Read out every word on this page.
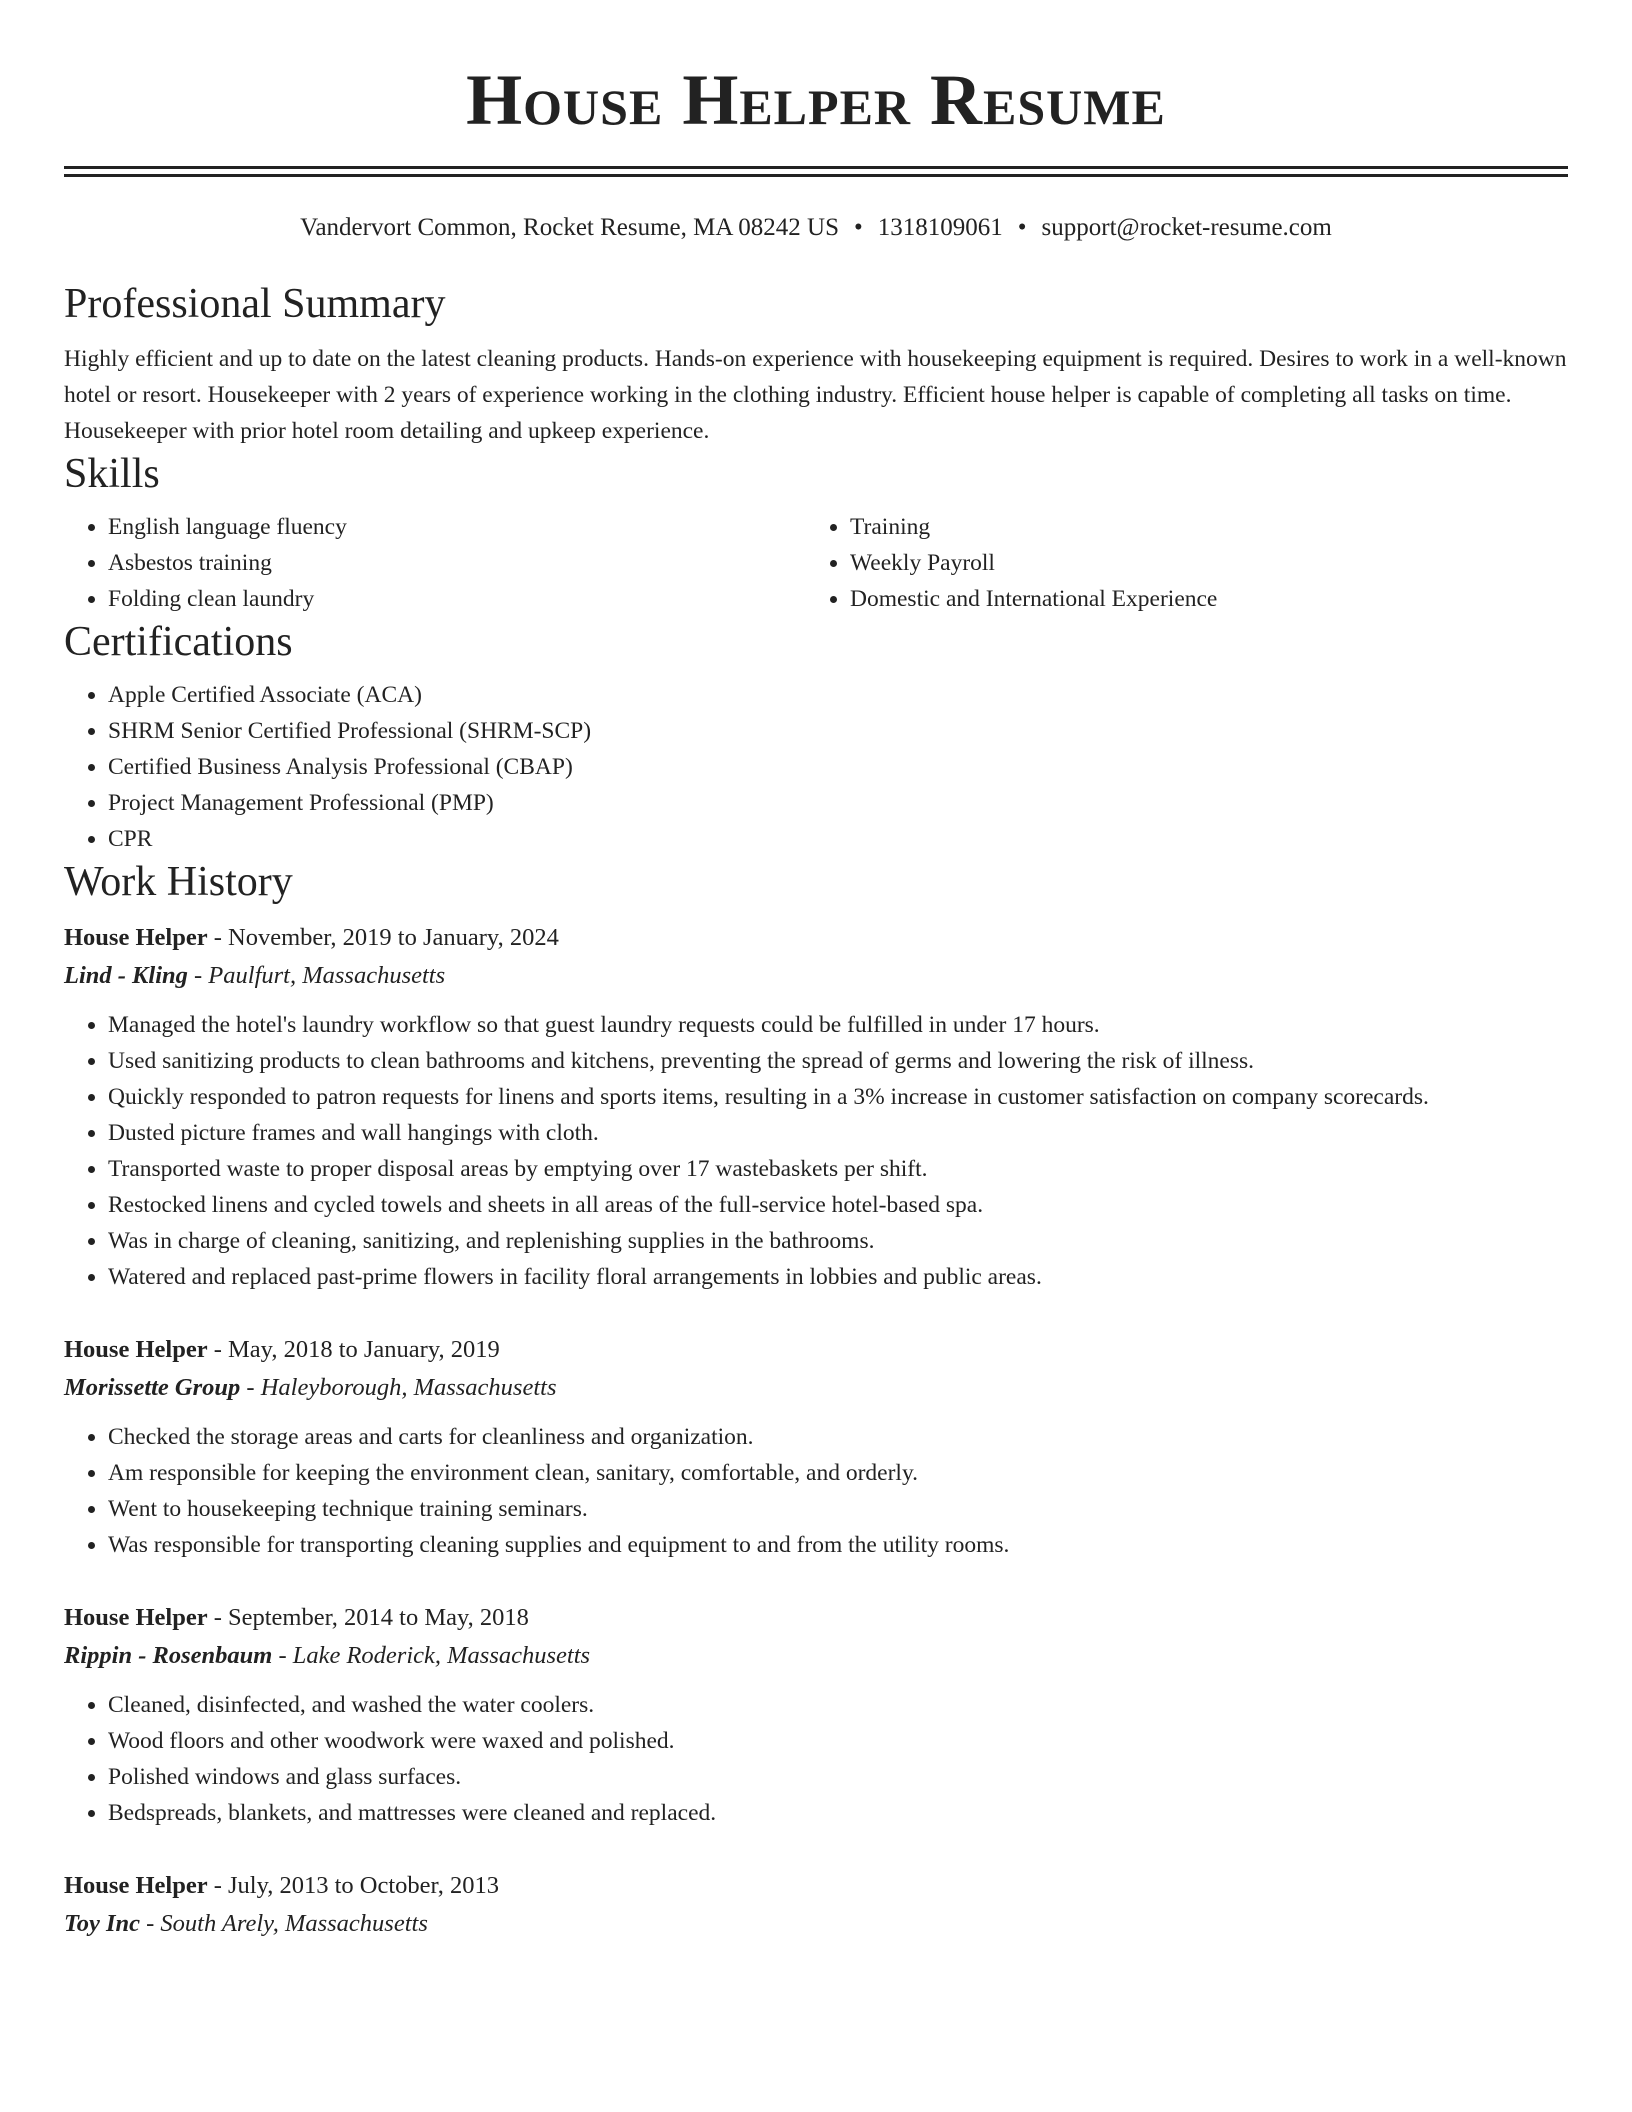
House Helper Resume
Vandervort Common, Rocket Resume, MA 08242 US • 1318109061 • support@rocket-resume.com
Professional Summary

Highly efficient and up to date on the latest cleaning products. Hands-on experience with housekeeping equipment is required. Desires to work in a well-known hotel or resort. Housekeeper with 2 years of experience working in the clothing industry. Efficient house helper is capable of completing all tasks on time. Housekeeper with prior hotel room detailing and upkeep experience.

Skills
• English language fluency
• Asbestos training
• Folding clean laundry
• Training
• Weekly Payroll
• Domestic and International Experience
Certifications
• Apple Certified Associate (ACA)
• SHRM Senior Certified Professional (SHRM-SCP)
• Certified Business Analysis Professional (CBAP)
• Project Management Professional (PMP)
• CPR
Work History
House Helper - November, 2019 to January, 2024
Lind - Kling - Paulfurt, Massachusetts
• Managed the hotel's laundry workflow so that guest laundry requests could be fulfilled in under 17 hours.
• Used sanitizing products to clean bathrooms and kitchens, preventing the spread of germs and lowering the risk of illness.
• Quickly responded to patron requests for linens and sports items, resulting in a 3% increase in customer satisfaction on company scorecards.
• Dusted picture frames and wall hangings with cloth.
• Transported waste to proper disposal areas by emptying over 17 wastebaskets per shift.
• Restocked linens and cycled towels and sheets in all areas of the full-service hotel-based spa.
• Was in charge of cleaning, sanitizing, and replenishing supplies in the bathrooms.
• Watered and replaced past-prime flowers in facility floral arrangements in lobbies and public areas.
House Helper - May, 2018 to January, 2019
Morissette Group - Haleyborough, Massachusetts
• Checked the storage areas and carts for cleanliness and organization.
• Am responsible for keeping the environment clean, sanitary, comfortable, and orderly.
• Went to housekeeping technique training seminars.
• Was responsible for transporting cleaning supplies and equipment to and from the utility rooms.
House Helper - September, 2014 to May, 2018
Rippin - Rosenbaum - Lake Roderick, Massachusetts
• Cleaned, disinfected, and washed the water coolers.
• Wood floors and other woodwork were waxed and polished.
• Polished windows and glass surfaces.
• Bedspreads, blankets, and mattresses were cleaned and replaced.
House Helper - July, 2013 to October, 2013
Toy Inc - South Arely, Massachusetts
